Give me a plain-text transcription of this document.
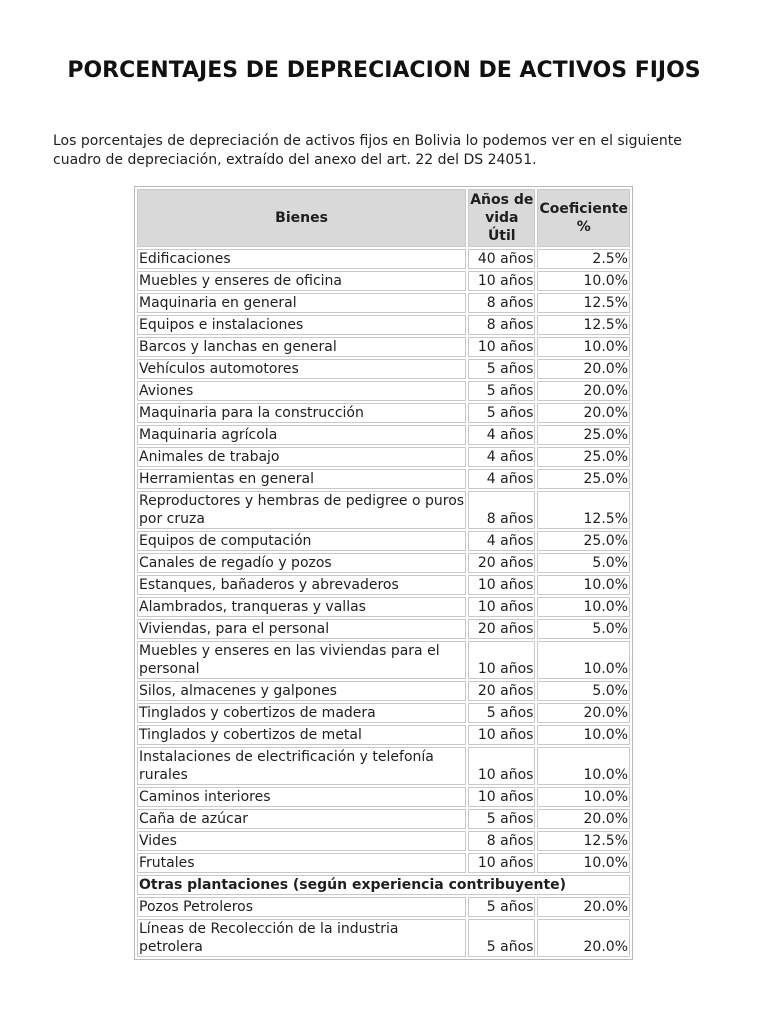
PORCENTAJES DE DEPRECIACION DE ACTIVOS FIJOS

Los porcentajes de depreciación de activos fijos en Bolivia lo podemos ver en el siguiente cuadro de depreciación, extraído del anexo del art. 22 del DS 24051.

Bienes	Años de vida Útil	Coeficiente %
Edificaciones	40 años	2.5%
Muebles y enseres de oficina	10 años	10.0%
Maquinaria en general	8 años	12.5%
Equipos e instalaciones	8 años	12.5%
Barcos y lanchas en general	10 años	10.0%
Vehículos automotores	5 años	20.0%
Aviones	5 años	20.0%
Maquinaria para la construcción	5 años	20.0%
Maquinaria agrícola	4 años	25.0%
Animales de trabajo	4 años	25.0%
Herramientas en general	4 años	25.0%
Reproductores y hembras de pedigree o puros por cruza	8 años	12.5%
Equipos de computación	4 años	25.0%
Canales de regadío y pozos	20 años	5.0%
Estanques, bañaderos y abrevaderos	10 años	10.0%
Alambrados, tranqueras y vallas	10 años	10.0%
Viviendas, para el personal	20 años	5.0%
Muebles y enseres en las viviendas para el personal	10 años	10.0%
Silos, almacenes y galpones	20 años	5.0%
Tinglados y cobertizos de madera	5 años	20.0%
Tinglados y cobertizos de metal	10 años	10.0%
Instalaciones de electrificación y telefonía rurales	10 años	10.0%
Caminos interiores	10 años	10.0%
Caña de azúcar	5 años	20.0%
Vides	8 años	12.5%
Frutales	10 años	10.0%
Otras plantaciones (según experiencia contribuyente)		
Pozos Petroleros	5 años	20.0%
Líneas de Recolección de la industria petrolera	5 años	20.0%
